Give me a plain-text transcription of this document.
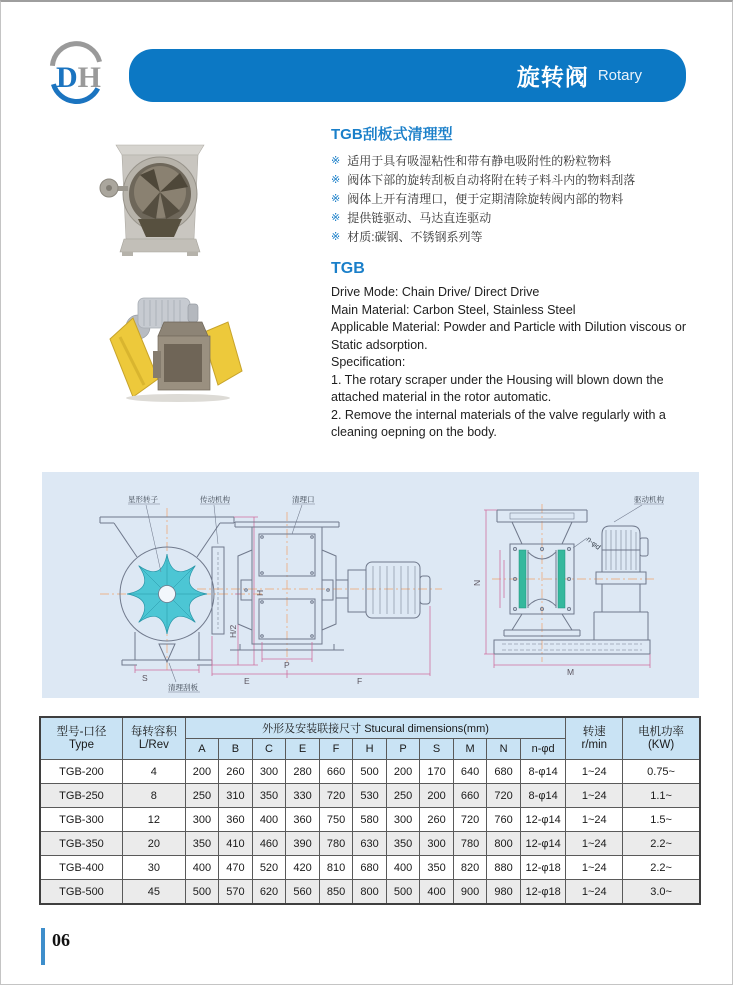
DH	旋转阀 Rotary
TGB刮板式清理型
※ 适用于具有吸湿粘性和带有静电吸附性的粉粒物料
※ 阀体下部的旋转刮板自动将附在转子料斗内的物料刮落
※ 阀体上开有清理口，便于定期清除旋转阀内部的物料
※ 提供链驱动、马达直连驱动
※ 材质:碳钢、不锈钢系列等
TGB
Drive Mode: Chain Drive/ Direct Drive
Main Material: Carbon Steel, Stainless Steel
Applicable Material: Powder and Particle with Dilution viscous or Static adsorption.
Specification:
1. The rotary scraper under the Housing will blown down the attached material in the rotor automatic.
2. Remove the internal materials of the valve regularly with a cleaning oepning on the body.
H
H/2
S
星形转子
清理刮板
P
E	F
传动机构	清理口
N
M
驱动机构
n-φd
型号-口径
Type

每转容积
L/Rev
	外形及安装联接尺寸 Stucural dimensions(mm)	转速
r/min

电机功率
(KW)

		A	B	C	E	F	H	P	S	M	N	n-φd		
TGB-200	4	200	260	300	280	660	500	200	170	640	680	8-φ14	1~24	0.75~
TGB-250	8	250	310	350	330	720	530	250	200	660	720	8-φ14	1~24	1.1~
TGB-300	12	300	360	400	360	750	580	300	260	720	760	12-φ14	1~24	1.5~
TGB-350	20	350	410	460	390	780	630	350	300	780	800	12-φ14	1~24	2.2~
TGB-400	30	400	470	520	420	810	680	400	350	820	880	12-φ18	1~24	2.2~
TGB-500	45	500	570	620	560	850	800	500	400	900	980	12-φ18	1~24	3.0~
06
